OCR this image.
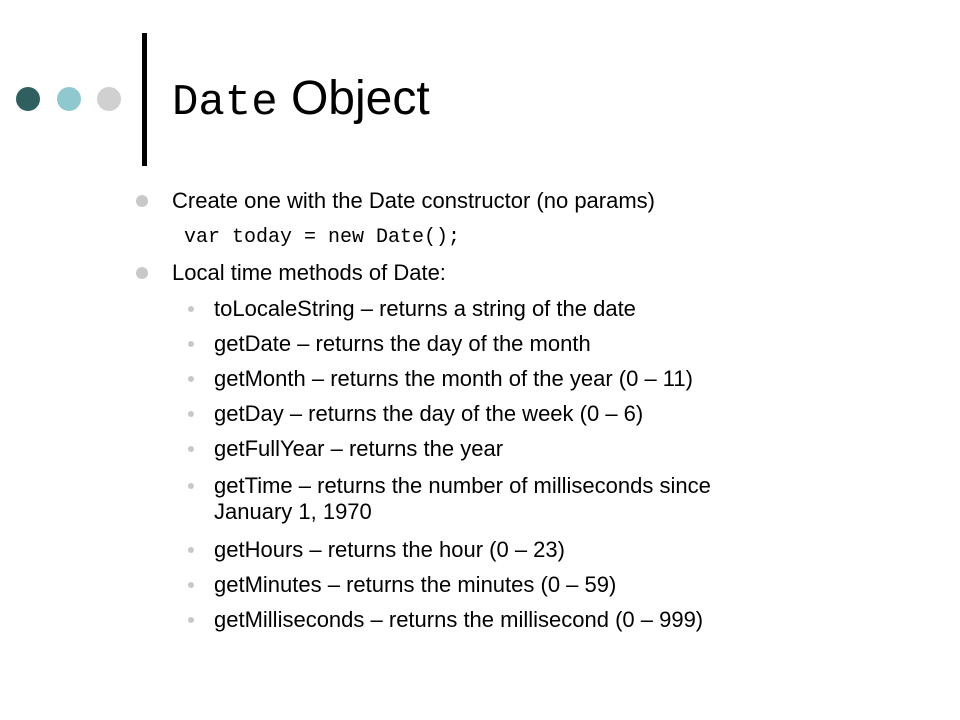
Date Object
Create one with the Date constructor (no params)
var today = new Date();
Local time methods of Date:
toLocaleString – returns a string of the date
getDate – returns the day of the month
getMonth – returns the month of the year (0 – 11)
getDay – returns the day of the week (0 – 6)
getFullYear – returns the year
getTime – returns the number of milliseconds since
January 1, 1970
getHours – returns the hour (0 – 23)
getMinutes – returns the minutes (0 – 59)
getMilliseconds – returns the millisecond (0 – 999)
